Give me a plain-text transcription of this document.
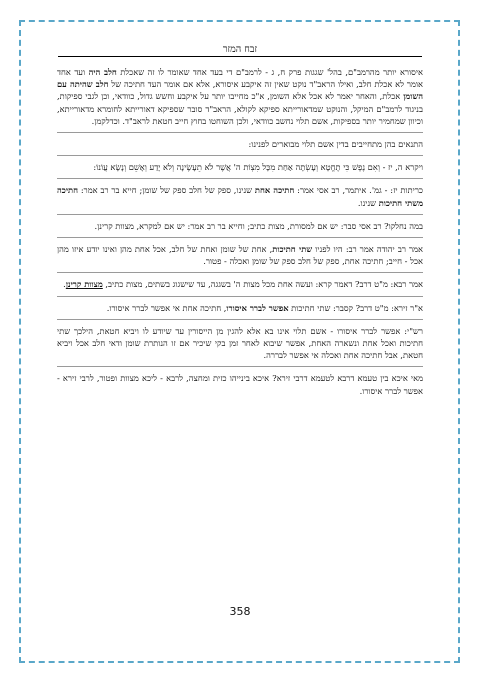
זבח המזר

איסורא יותר מהרמב"ם, בהל' שגגות פרק ח, ג - לרמב"ם די בעד אחד שאומר לו זה שאכלת חלב היה ועד אחד אומר לא אכלת חלב, ואילו הראב"ד נוקט שאין זה איקבע איסורא, אלא אם אומר העד חתיכה של חלב שהיתה עם השומן אכלת, והאחר יאמר לא אכל אלא השומן, א"כ מחייבו יותר על איקבע וחשש גדול, כוודאי, וכן לגבי ספיקות, בניגוד לרמב"ם המיקל, והנוקט שמדאורייתא ספיקא לקולא, הראב"ד סובר שספיקא דאורייתא לחומרא מדאורייתא, וכיוון שמחמיר יותר בספיקות, אשם תלוי נחשב כוודאי, ולכן השוחטו בחוץ חייב חטאת לראב"ד. וכדלקמן.

התנאים בהן מתחייבים בדין אשם תלוי מבוארים לפנינו:

ויקרא ה, יז - וְאִם נֶפֶשׁ כִּי תֶחֱטָא וְעָשְׂתָה אַחַת מִכָּל מִצְוֹת ה' אֲשֶׁר לֹא תֵעָשֶׂינָה וְלֹא יָדַע וְאָשֵׁם וְנָשָׂא עֲוֹנוֹ:

כריתות יז: - גמ'. איתמר, רב אסי אמר: חתיכה אחת שנינו, ספק של חלב ספק של שומן; חייא בר רב אמר: חתיכה משתי חתיכות שנינו.

במה נחלקו? רב אסי סבר: יש אם למסורת, מצות כתיב; וחייא בר רב אמר: יש אם למקרא, מצוות קרינן.

אמר רב יהודה אמר רב: היו לפניו שתי חתיכות, אחת של שומן ואחת של חלב, אכל אחת מהן ואינו יודע איזו מהן אכל - חייב; חתיכה אחת, ספק של חלב ספק של שומן ואכלה - פטור.

אמר רבא: מ"ט דרב? דאמר קרא: ועשה אחת מכל מצות ה' בשגגה, עד שישגוג בשתים, מצות כתיב, מצוות קרינן.

א"ר זירא: מ"ט דרב? קסבר: שתי חתיכות אפשר לברר איסורו, חתיכה אחת אי אפשר לברר איסורו.

רש"י: אפשר לברר איסורו - אשם תלוי אינו בא אלא להגין מן הייסורין עד שיודע לו ויביא חטאת, הילכך שתי חתיכות ואכל אחת ונשארה האחת, אפשר שיבוא לאחר זמן בקי שיכיר אם זו הנותרת שומן ודאי חלב אכל ויביא חטאת, אבל חתיכה אחת ואכלה אי אפשר לבררה.

מאי איכא בין טעמא דרבא לטעמא דרבי זירא? איכא בינייהו כזית ומחצה, לרבא - ליכא מצוות ופטור, לרבי זירא - אפשר לברר איסורו.

358
